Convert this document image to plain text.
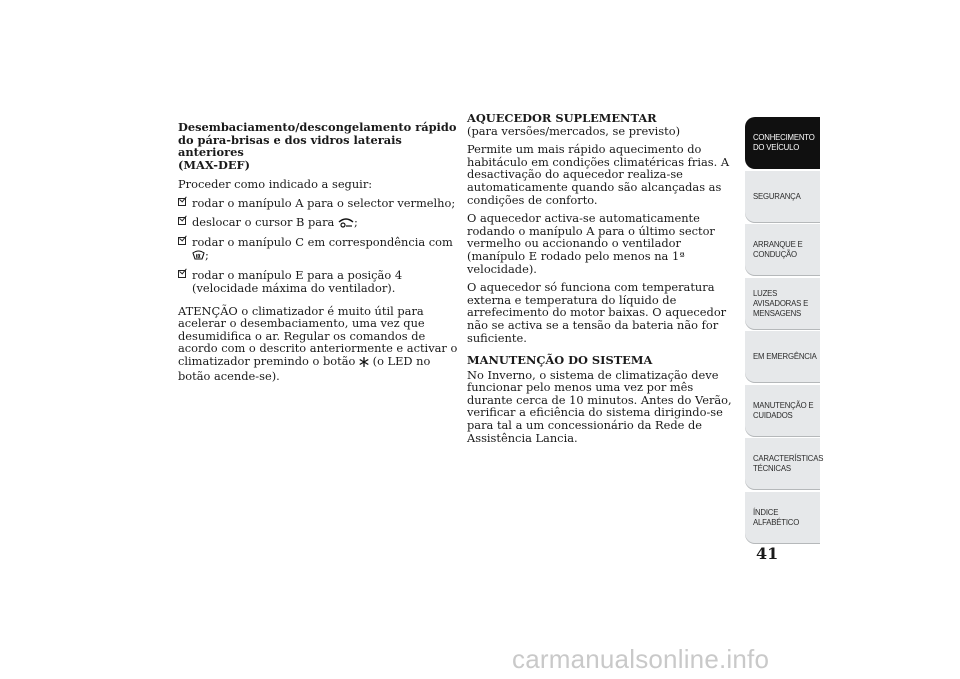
Desembaciamento/descongelamento rápido
do pára-brisas e dos vidros laterais anteriores
(MAX-DEF)
Proceder como indicado a seguir:
rodar o manípulo A para o selector vermelho;
deslocar o cursor B para ;
rodar o manípulo C em correspondência com
;
rodar o manípulo E para a posição 4
(velocidade máxima do ventilador).
ATENÇÃO o climatizador é muito útil para acelerar o desembaciamento, uma vez que desumidifica o ar. Regular os comandos de acordo com o descrito anteriormente e activar o climatizador premindo o botão (o LED no botão acende-se).
AQUECEDOR SUPLEMENTAR
(para versões/mercados, se previsto)
Permite um mais rápido aquecimento do habitáculo em condições climatéricas frias. A desactivação do aquecedor realiza-se automaticamente quando são alcançadas as condições de conforto.
O aquecedor activa-se automaticamente rodando o manípulo A para o último sector vermelho ou accionando o ventilador (manípulo E rodado pelo menos na 1ª velocidade).
O aquecedor só funciona com temperatura externa e temperatura do líquido de arrefecimento do motor baixas. O aquecedor não se activa se a tensão da bateria não for suficiente.
MANUTENÇÃO DO SISTEMA
No Inverno, o sistema de climatização deve funcionar pelo menos uma vez por mês durante cerca de 10 minutos. Antes do Verão, verificar a eficiência do sistema dirigindo-se para tal a um concessionário da Rede de Assistência Lancia.
CONHECIMENTO DO VEÍCULO
SEGURANÇA
ARRANQUE E CONDUÇÃO
LUZES AVISADORAS E MENSAGENS
EM EMERGÊNCIA
MANUTENÇÃO E CUIDADOS
CARACTERÍSTICAS TÉCNICAS
ÍNDICE ALFABÉTICO
41
carmanualsonline.info
